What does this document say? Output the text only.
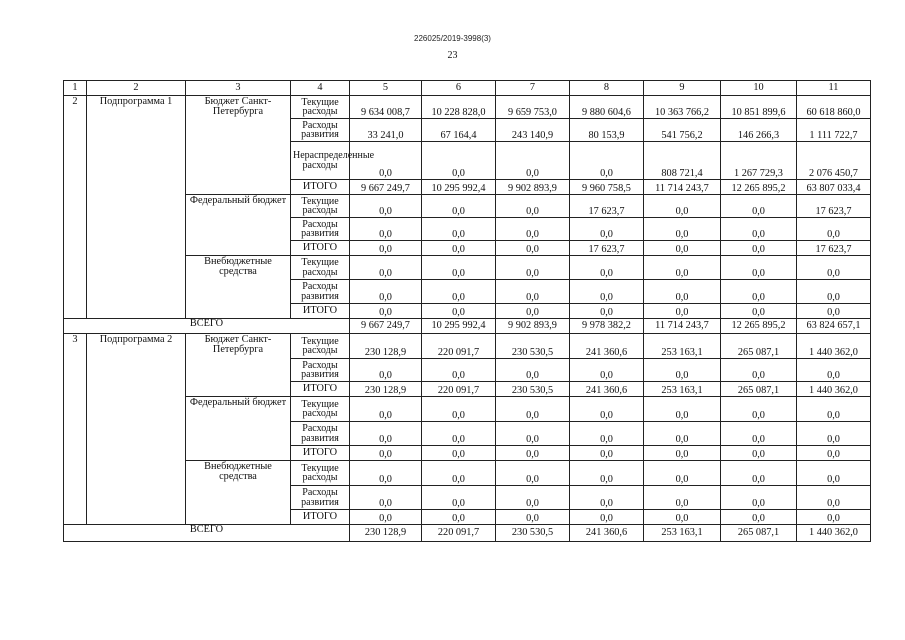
226025/2019-3998(3)
23
1	2	3	4	5	6	7	8	9	10	11
2	Подпрограмма 1	Бюджет Санкт-Петербурга	Текущие расходы	9 634 008,7	10 228 828,0	9 659 753,0	9 880 604,6	10 363 766,2	10 851 899,6	60 618 860,0
			Расходы развития	33 241,0	67 164,4	243 140,9	80 153,9	541 756,2	146 266,3	1 111 722,7
			Нераспределенные расходы	0,0	0,0	0,0	0,0	808 721,4	1 267 729,3	2 076 450,7
			ИТОГО	9 667 249,7	10 295 992,4	9 902 893,9	9 960 758,5	11 714 243,7	12 265 895,2	63 807 033,4
		Федеральный бюджет	Текущие расходы	0,0	0,0	0,0	17 623,7	0,0	0,0	17 623,7
			Расходы развития	0,0	0,0	0,0	0,0	0,0	0,0	0,0
			ИТОГО	0,0	0,0	0,0	17 623,7	0,0	0,0	17 623,7
		Внебюджетные средства	Текущие расходы	0,0	0,0	0,0	0,0	0,0	0,0	0,0
			Расходы развития	0,0	0,0	0,0	0,0	0,0	0,0	0,0
			ИТОГО	0,0	0,0	0,0	0,0	0,0	0,0	0,0
ВСЕГО				9 667 249,7	10 295 992,4	9 902 893,9	9 978 382,2	11 714 243,7	12 265 895,2	63 824 657,1
3	Подпрограмма 2	Бюджет Санкт-Петербурга	Текущие расходы	230 128,9	220 091,7	230 530,5	241 360,6	253 163,1	265 087,1	1 440 362,0
			Расходы развития	0,0	0,0	0,0	0,0	0,0	0,0	0,0
			ИТОГО	230 128,9	220 091,7	230 530,5	241 360,6	253 163,1	265 087,1	1 440 362,0
		Федеральный бюджет	Текущие расходы	0,0	0,0	0,0	0,0	0,0	0,0	0,0
			Расходы развития	0,0	0,0	0,0	0,0	0,0	0,0	0,0
			ИТОГО	0,0	0,0	0,0	0,0	0,0	0,0	0,0
		Внебюджетные средства	Текущие расходы	0,0	0,0	0,0	0,0	0,0	0,0	0,0
			Расходы развития	0,0	0,0	0,0	0,0	0,0	0,0	0,0
			ИТОГО	0,0	0,0	0,0	0,0	0,0	0,0	0,0
ВСЕГО				230 128,9	220 091,7	230 530,5	241 360,6	253 163,1	265 087,1	1 440 362,0
